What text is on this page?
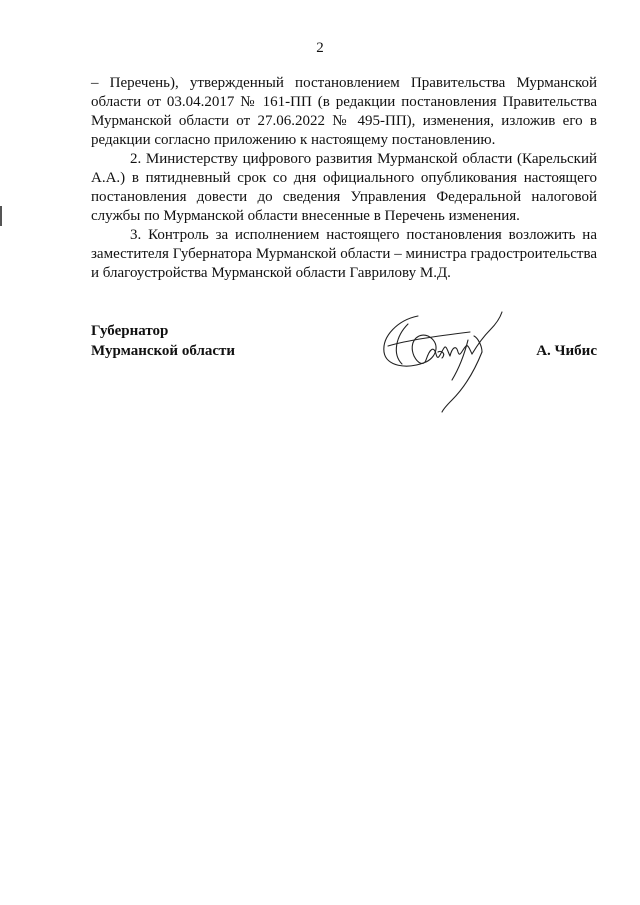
2

– Перечень), утвержденный постановлением Правительства Мурманской области от 03.04.2017 № 161-ПП (в редакции постановления Правительства Мурманской области от 27.06.2022 № 495-ПП), изменения, изложив его в редакции согласно приложению к настоящему постановлению.

2. Министерству цифрового развития Мурманской области (Карельский А.А.) в пятидневный срок со дня официального опубликования настоящего постановления довести до сведения Управления Федеральной налоговой службы по Мурманской области внесенные в Перечень изменения.

3. Контроль за исполнением настоящего постановления возложить на заместителя Губернатора Мурманской области – министра градостроительства и благоустройства Мурманской области Гаврилову М.Д.

Губернатор
Мурманской области	А. Чибис
